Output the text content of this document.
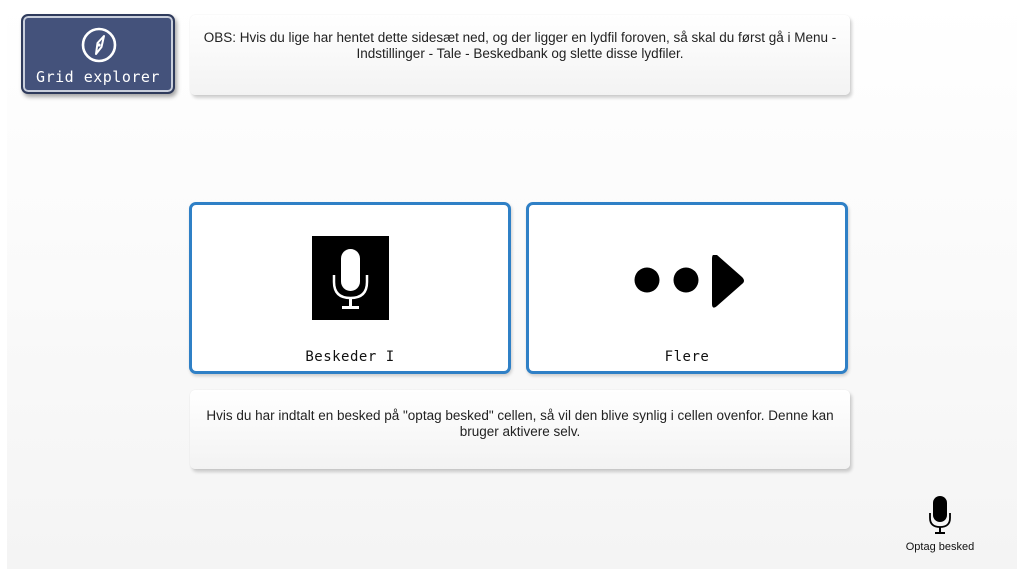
Grid explorer
OBS: Hvis du lige har hentet dette sidesæt ned, og der ligger en lydfil foroven, så skal du først gå i Menu - Indstillinger - Tale - Beskedbank og slette disse lydfiler.
Beskeder I	Flere
Hvis du har indtalt en besked på "optag besked" cellen, så vil den blive synlig i cellen ovenfor. Denne kan bruger aktivere selv.
Optag besked
